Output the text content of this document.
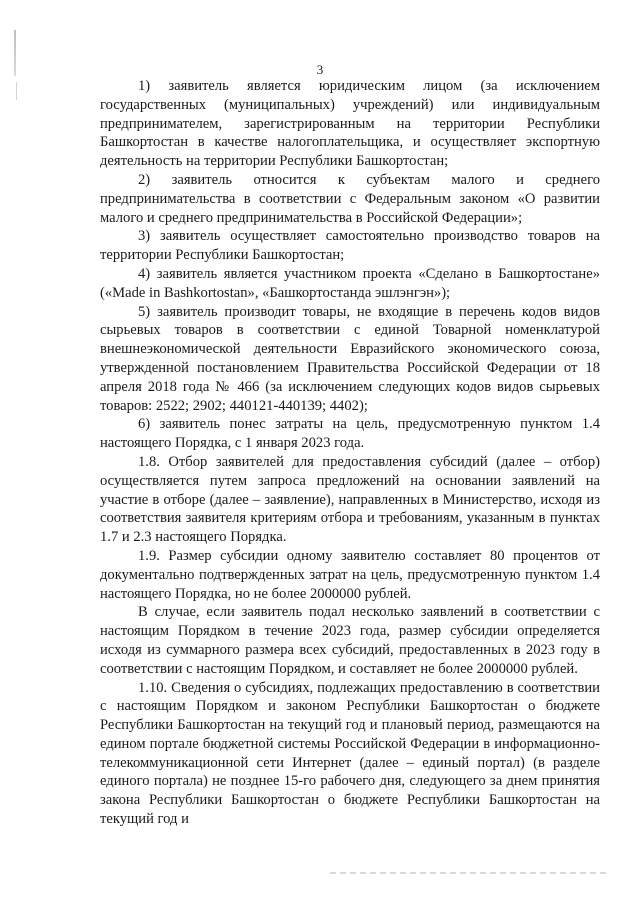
3

1) заявитель является юридическим лицом (за исключением государственных (муниципальных) учреждений) или индивидуальным предпринимателем, зарегистрированным на территории Республики Башкортостан в качестве налогоплательщика, и осуществляет экспортную деятельность на территории Республики Башкортостан;

2) заявитель относится к субъектам малого и среднего предпринимательства в соответствии с Федеральным законом «О развитии малого и среднего предпринимательства в Российской Федерации»;

3) заявитель осуществляет самостоятельно производство товаров на территории Республики Башкортостан;

4) заявитель является участником проекта «Сделано в Башкортостане» («Made in Bashkortostan», «Башкортостанда эшлэнгэн»);

5) заявитель производит товары, не входящие в перечень кодов видов сырьевых товаров в соответствии с единой Товарной номенклатурой внешнеэкономической деятельности Евразийского экономического союза, утвержденной постановлением Правительства Российской Федерации от 18 апреля 2018 года № 466 (за исключением следующих кодов видов сырьевых товаров: 2522; 2902; 440121-440139; 4402);

6) заявитель понес затраты на цель, предусмотренную пунктом 1.4 настоящего Порядка, с 1 января 2023 года.

1.8. Отбор заявителей для предоставления субсидий (далее – отбор) осуществляется путем запроса предложений на основании заявлений на участие в отборе (далее – заявление), направленных в Министерство, исходя из соответствия заявителя критериям отбора и требованиям, указанным в пунктах 1.7 и 2.3 настоящего Порядка.

1.9. Размер субсидии одному заявителю составляет 80 процентов от документально подтвержденных затрат на цель, предусмотренную пунктом 1.4 настоящего Порядка, но не более 2000000 рублей.

В случае, если заявитель подал несколько заявлений в соответствии с настоящим Порядком в течение 2023 года, размер субсидии определяется исходя из суммарного размера всех субсидий, предоставленных в 2023 году в соответствии с настоящим Порядком, и составляет не более 2000000 рублей.

1.10. Сведения о субсидиях, подлежащих предоставлению в соответствии с настоящим Порядком и законом Республики Башкортостан о бюджете Республики Башкортостан на текущий год и плановый период, размещаются на едином портале бюджетной системы Российской Федерации в информационно-телекоммуникационной сети Интернет (далее – единый портал) (в разделе единого портала) не позднее 15-го рабочего дня, следующего за днем принятия закона Республики Башкортостан о бюджете Республики Башкортостан на текущий год и
